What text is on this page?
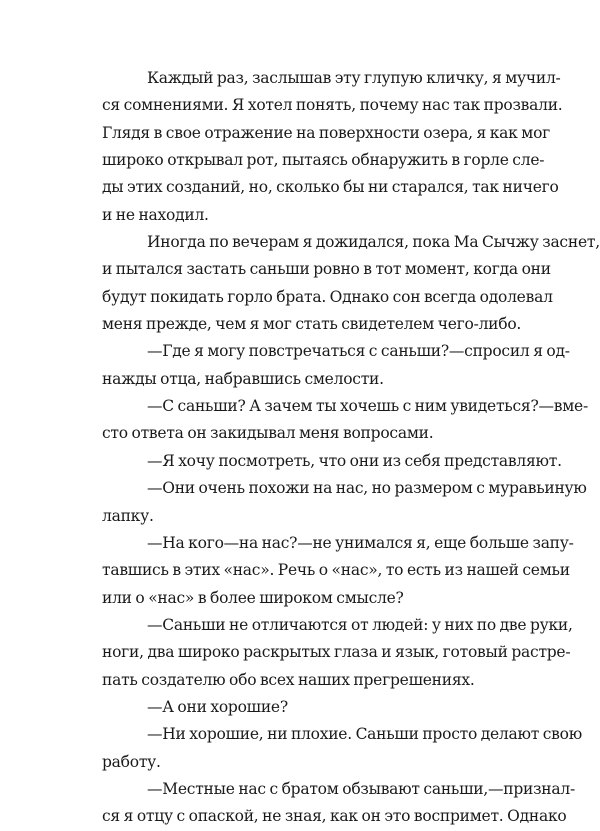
Каждый раз, заслышав эту глупую кличку, я мучил-
ся сомнениями. Я хотел понять, почему нас так прозвали.
Глядя в свое отражение на поверхности озера, я как мог
широко открывал рот, пытаясь обнаружить в горле сле-
ды этих созданий, но, сколько бы ни старался, так ничего
и не находил.
Иногда по вечерам я дожидался, пока Ма Сычжу заснет,
и пытался застать саньши ровно в тот момент, когда они
будут покидать горло брата. Однако сон всегда одолевал
меня прежде, чем я мог стать свидетелем чего-либо.
—Где я могу повстречаться с саньши?—спросил я од-
нажды отца, набравшись смелости.
—С саньши? А зачем ты хочешь с ним увидеться?—вме-
сто ответа он закидывал меня вопросами.
—Я хочу посмотреть, что они из себя представляют.
—Они очень похожи на нас, но размером с муравьиную
лапку.
—На кого—на нас?—не унимался я, еще больше запу-
тавшись в этих «нас». Речь о «нас», то есть из нашей семьи
или о «нас» в более широком смысле?
—Саньши не отличаются от людей: у них по две руки,
ноги, два широко раскрытых глаза и язык, готовый растре-
пать создателю обо всех наших прегрешениях.
—А они хорошие?
—Ни хорошие, ни плохие. Саньши просто делают свою
работу.
—Местные нас с братом обзывают саньши,—признал-
ся я отцу с опаской, не зная, как он это воспримет. Однако
